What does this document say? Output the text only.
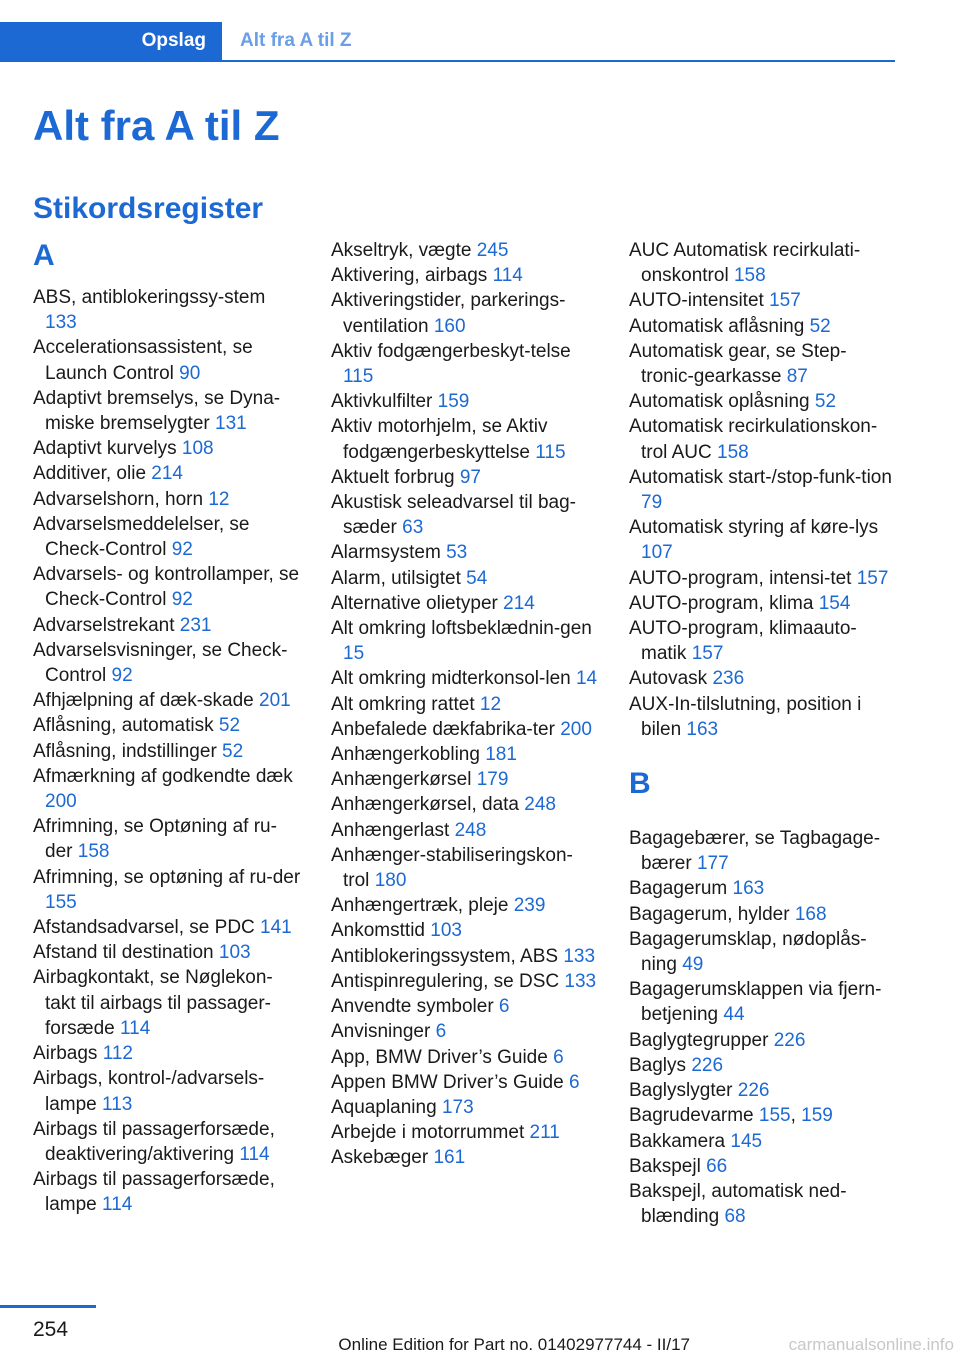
Opslag	Alt fra A til Z
Alt fra A til Z
Stikordsregister
A
ABS, antiblokeringssy-stem 133
Accelerationsassistent, se Launch Control 90
Adaptivt bremselys, se Dyna-miske bremselygter 131
Adaptivt kurvelys 108
Additiver, olie 214
Advarselshorn, horn 12
Advarselsmeddelelser, se Check-Control 92
Advarsels- og kontrollamper, se Check-Control 92
Advarselstrekant 231
Advarselsvisninger, se Check-Control 92
Afhjælpning af dæk-skade 201
Aflåsning, automatisk 52
Aflåsning, indstillinger 52
Afmærkning af godkendte dæk 200
Afrimning, se Optøning af ru-der 158
Afrimning, se optøning af ru-der 155
Afstandsadvarsel, se PDC 141
Afstand til destination 103
Airbagkontakt, se Nøglekon-takt til airbags til passager-forsæde 114
Airbags 112
Airbags, kontrol-/advarsels-lampe 113
Airbags til passagerforsæde, deaktivering/aktivering 114
Airbags til passagerforsæde, lampe 114
Akseltryk, vægte 245
Aktivering, airbags 114
Aktiveringstider, parkerings-ventilation 160
Aktiv fodgængerbeskyt-telse 115
Aktivkulfilter 159
Aktiv motorhjelm, se Aktiv fodgængerbeskyttelse 115
Aktuelt forbrug 97
Akustisk seleadvarsel til bag-sæder 63
Alarmsystem 53
Alarm, utilsigtet 54
Alternative olietyper 214
Alt omkring loftsbeklædnin-gen 15
Alt omkring midterkonsol-len 14
Alt omkring rattet 12
Anbefalede dækfabrika-ter 200
Anhængerkobling 181
Anhængerkørsel 179
Anhængerkørsel, data 248
Anhængerlast 248
Anhænger-stabiliseringskon-trol 180
Anhængertræk, pleje 239
Ankomsttid 103
Antiblokeringssystem, ABS 133
Antispinregulering, se DSC 133
Anvendte symboler 6
Anvisninger 6
App, BMW Driver’s Guide 6
Appen BMW Driver’s Guide 6
Aquaplaning 173
Arbejde i motorrummet 211
Askebæger 161
AUC Automatisk recirkulati-onskontrol 158
AUTO-intensitet 157
Automatisk aflåsning 52
Automatisk gear, se Step-tronic-gearkasse 87
Automatisk oplåsning 52
Automatisk recirkulationskon-trol AUC 158
Automatisk start-/stop-funk-tion 79
Automatisk styring af køre-lys 107
AUTO-program, intensi-tet 157
AUTO-program, klima 154
AUTO-program, klimaauto-matik 157
Autovask 236
AUX-In-tilslutning, position i bilen 163
B
Bagagebærer, se Tagbagage-bærer 177
Bagagerum 163
Bagagerum, hylder 168
Bagagerumsklap, nødoplås-ning 49
Bagagerumsklappen via fjern-betjening 44
Baglygtegrupper 226
Baglys 226
Baglyslygter 226
Bagrudevarme 155, 159
Bakkamera 145
Bakspejl 66
Bakspejl, automatisk ned-blænding 68
254
Online Edition for Part no. 01402977744 - II/17	carmanualsonline.info
